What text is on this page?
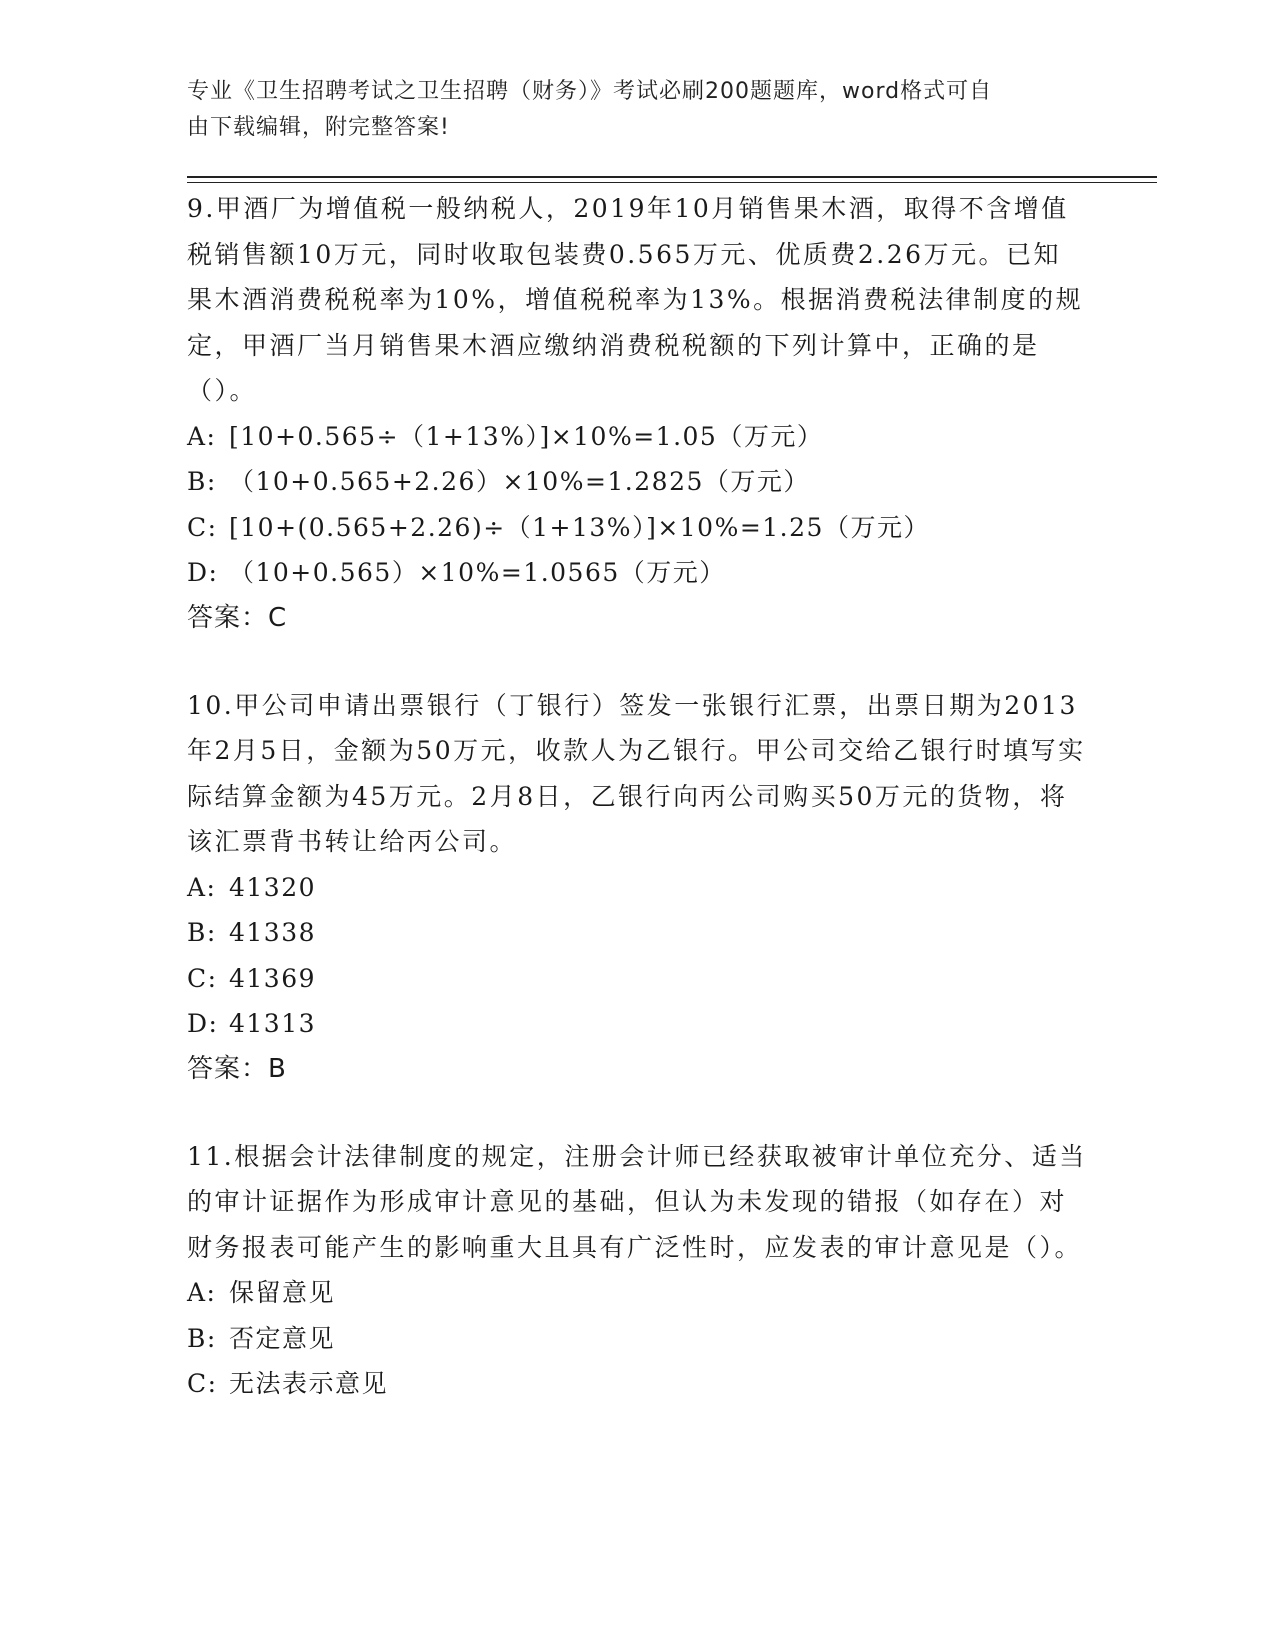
专业《卫生招聘考试之卫生招聘（财务）》考试必刷200题题库，word格式可自
由下载编辑，附完整答案!

9.甲酒厂为增值税一般纳税人，2019年10月销售果木酒，取得不含增值税销售额10万元，同时收取包装费0.565万元、优质费2.26万元。已知果木酒消费税税率为10%，增值税税率为13%。根据消费税法律制度的规定，甲酒厂当月销售果木酒应缴纳消费税税额的下列计算中，正确的是（）。

A: [10+0.565÷（1+13%）]×10%=1.05（万元）

B: （10+0.565+2.26）×10%=1.2825（万元）

C: [10+(0.565+2.26)÷（1+13%）]×10%=1.25（万元）

D: （10+0.565）×10%=1.0565（万元）

答案：C

10.甲公司申请出票银行（丁银行）签发一张银行汇票，出票日期为2013年2月5日，金额为50万元，收款人为乙银行。甲公司交给乙银行时填写实际结算金额为45万元。2月8日，乙银行向丙公司购买50万元的货物，将该汇票背书转让给丙公司。

A: 41320

B: 41338

C: 41369

D: 41313

答案：B

11.根据会计法律制度的规定，注册会计师已经获取被审计单位充分、适当的审计证据作为形成审计意见的基础，但认为未发现的错报（如存在）对财务报表可能产生的影响重大且具有广泛性时，应发表的审计意见是（）。

A: 保留意见

B: 否定意见

C: 无法表示意见
